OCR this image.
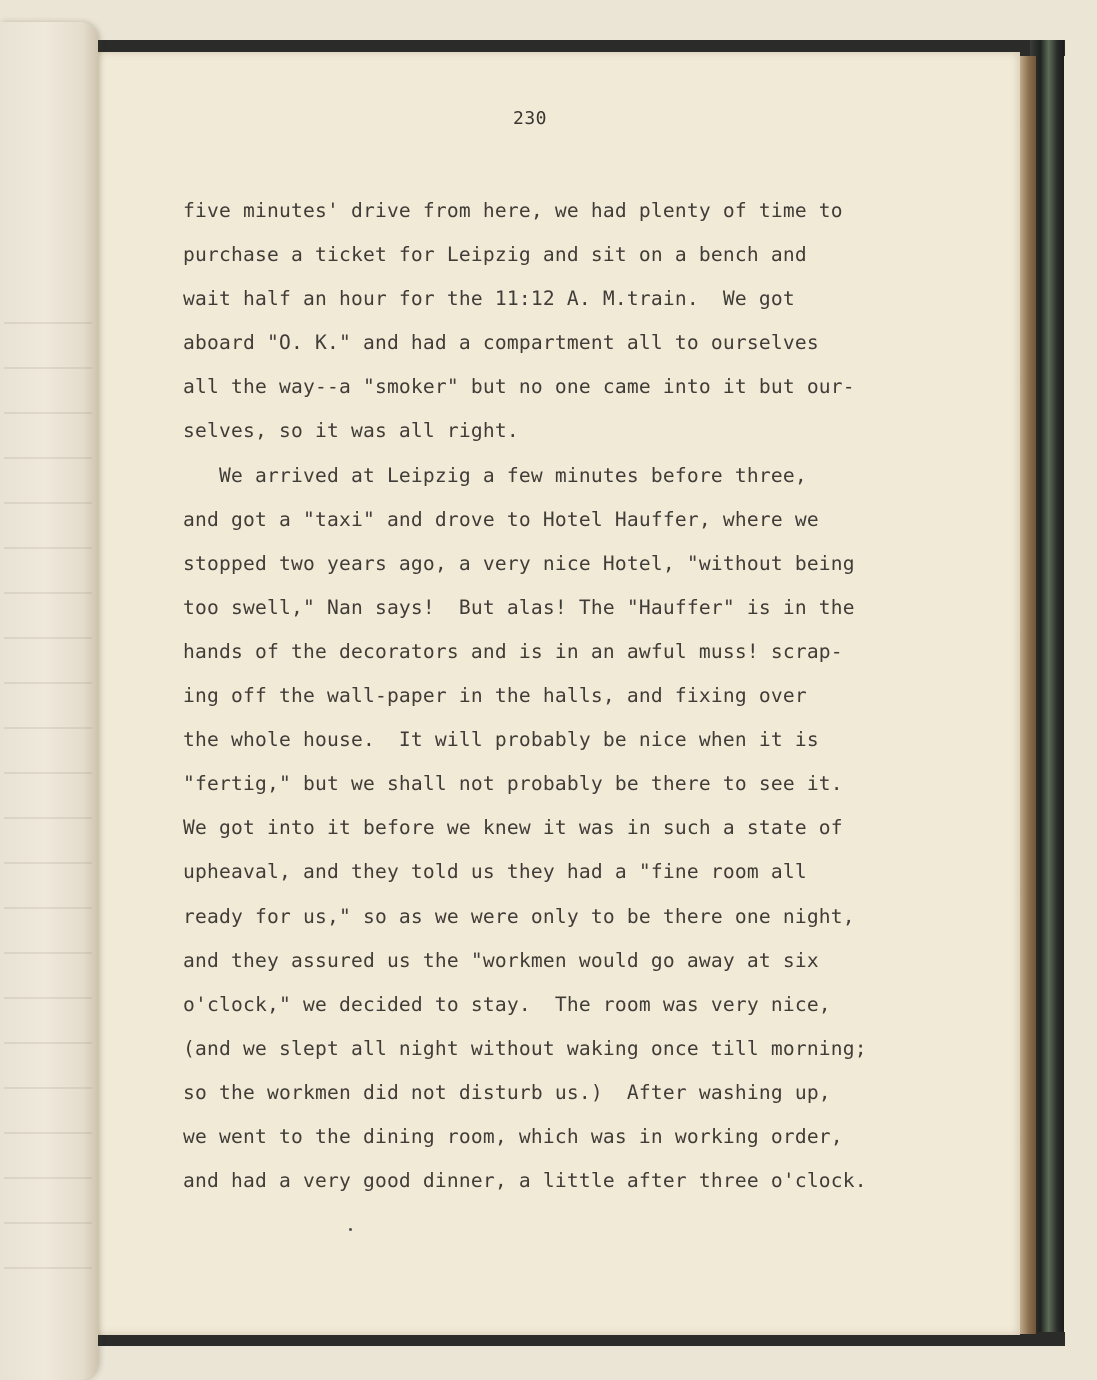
230
five minutes' drive from here, we had plenty of time to
purchase a ticket for Leipzig and sit on a bench and
wait half an hour for the 11:12 A. M.train.  We got
aboard "O. K." and had a compartment all to ourselves
all the way--a "smoker" but no one came into it but our-
selves, so it was all right.
We arrived at Leipzig a few minutes before three,
and got a "taxi" and drove to Hotel Hauffer, where we
stopped two years ago, a very nice Hotel, "without being
too swell," Nan says!  But alas! The "Hauffer" is in the
hands of the decorators and is in an awful muss! scrap-
ing off the wall-paper in the halls, and fixing over
the whole house.  It will probably be nice when it is
"fertig," but we shall not probably be there to see it.
We got into it before we knew it was in such a state of
upheaval, and they told us they had a "fine room all
ready for us," so as we were only to be there one night,
and they assured us the "workmen would go away at six
o'clock," we decided to stay.  The room was very nice,
(and we slept all night without waking once till morning;
so the workmen did not disturb us.)  After washing up,
we went to the dining room, which was in working order,
and had a very good dinner, a little after three o'clock.
